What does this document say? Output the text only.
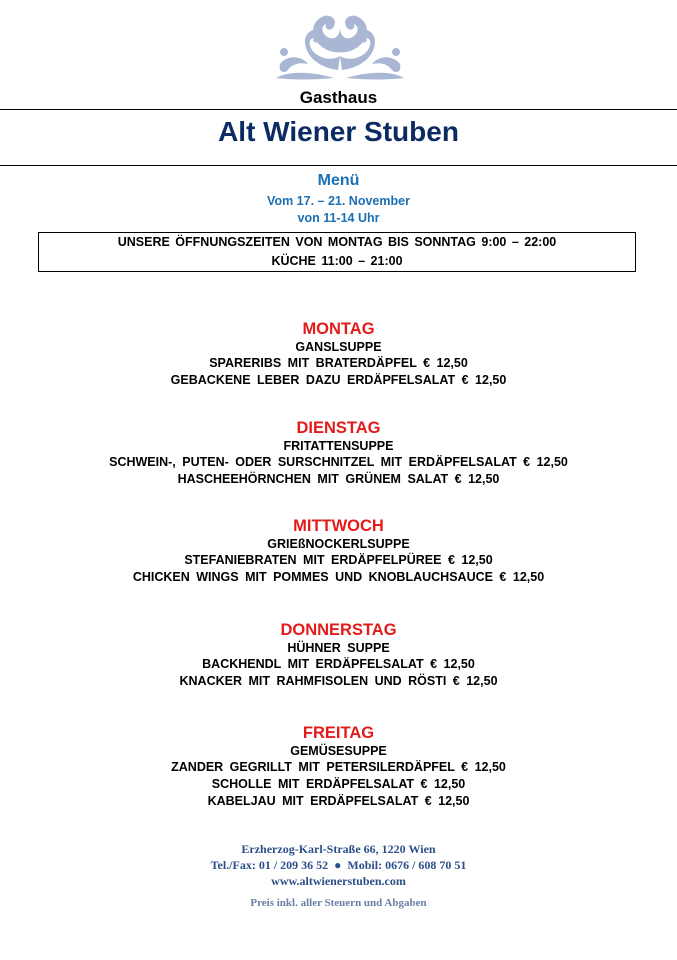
Gasthaus
Alt Wiener Stuben
Menü
Vom 17. – 21. November
von 11-14 Uhr
UNSERE ÖFFNUNGSZEITEN VON MONTAG BIS SONNTAG 9:00 – 22:00
KÜCHE 11:00 – 21:00
MONTAG
GANSLSUPPE
SPARERIBS MIT BRATERDÄPFEL € 12,50
GEBACKENE LEBER DAZU ERDÄPFELSALAT € 12,50
DIENSTAG
FRITATTENSUPPE
SCHWEIN-, PUTEN- ODER SURSCHNITZEL MIT ERDÄPFELSALAT € 12,50
HASCHEEHÖRNCHEN MIT GRÜNEM SALAT € 12,50
MITTWOCH
GRIEßNOCKERLSUPPE
STEFANIEBRATEN MIT ERDÄPFELPÜREE € 12,50
CHICKEN WINGS MIT POMMES UND KNOBLAUCHSAUCE € 12,50
DONNERSTAG
HÜHNER SUPPE
BACKHENDL MIT ERDÄPFELSALAT € 12,50
KNACKER MIT RAHMFISOLEN UND RÖSTI € 12,50
FREITAG
GEMÜSESUPPE
ZANDER GEGRILLT MIT PETERSILERDÄPFEL € 12,50
SCHOLLE MIT ERDÄPFELSALAT € 12,50
KABELJAU MIT ERDÄPFELSALAT € 12,50
Erzherzog-Karl-Straße 66, 1220 Wien
Tel./Fax: 01 / 209 36 52  ●  Mobil: 0676 / 608 70 51
www.altwienerstuben.com
Preis inkl. aller Steuern und Abgaben
